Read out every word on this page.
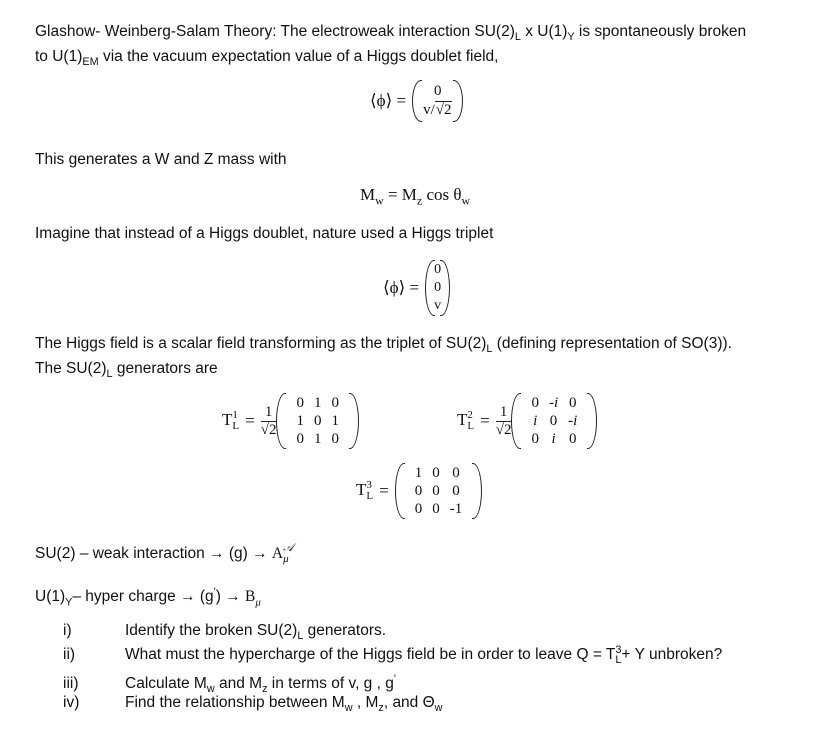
Glashow- Weinberg-Salam Theory: The electroweak interaction $SU(2)_L$ x $U(1)_Y$ is spontaneously broken
to $U(1)_{EM}$ via the vacuum expectation value of a Higgs doublet field,
⟨ϕ⟩ =	0
v/√2
This generates a W and Z mass with
$M_w = M_z$ $\cos \theta_w$
Imagine that instead of a Higgs doublet, nature used a Higgs triplet
⟨ϕ⟩ =
0
0
v
The Higgs field is a scalar field transforming as the triplet of $SU(2)_L$ (defining representation of SO(3)).
The $SU(2)_L$ generators are
T 1
$L = \frac{1}{√2}$
0	1	0
1	0	1
0	1	0
T 2
$L = \frac{1}{√2}$
0	-i	0
i	0	-i
0	i	0
T 3
L =
1	0	0
0	0	0
0	0	-1
SU(2) – weak interaction → (g) → A 𝒜
μ
$U(1)_Y-$ hyper charge → $(g') \to B_\mu$
i)	Identify the broken $SU(2)_L$ generators.
ii)	What must the hypercharge of the Higgs field be in order to leave Q = T 3
L + Y unbroken?
iii)	Calculate $M_w$ and $M_z$ in terms of v, g , g'
iv)	Find the relationship between $M_w$ , $M_z$, and $\Theta_w$
